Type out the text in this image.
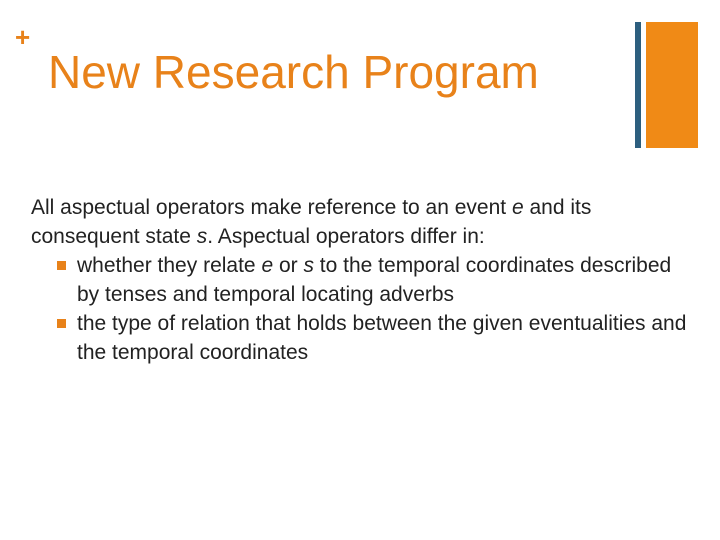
+
New Research Program

All aspectual operators make reference to an event e and its consequent state s. Aspectual operators differ in:

whether they relate e or s to the temporal coordinates described by tenses and temporal locating adverbs
the type of relation that holds between the given eventualities and the temporal coordinates
